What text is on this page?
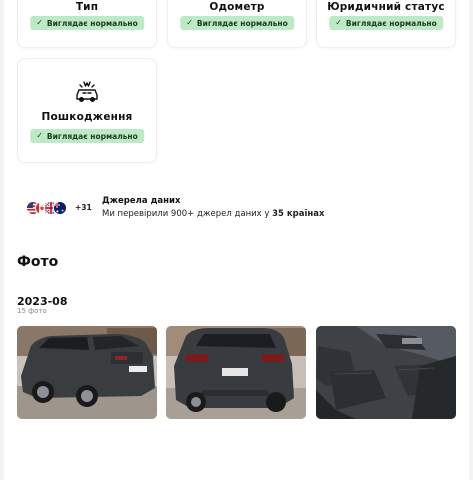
Тип
✓ Виглядає нормально
Одометр
✓ Виглядає нормально
Юридичний статус
✓ Виглядає нормально
Пошкодження
✓ Виглядає нормально
+31
Джерела даних
Ми перевірили 900+ джерел даних у 35 країнах
Фото
2023-08
15 фото
